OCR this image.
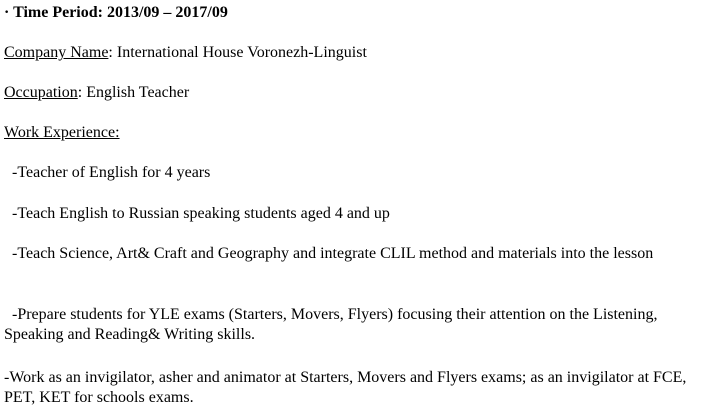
· Time Period: 2013/09 – 2017/09
Company Name: International House Voronezh-Linguist
Occupation: English Teacher
Work Experience:
-Teacher of English for 4 years
-Teach English to Russian speaking students aged 4 and up
-Teach Science, Art& Craft and Geography and integrate CLIL method and materials into the lesson
-Prepare students for YLE exams (Starters, Movers, Flyers) focusing their attention on the Listening, Speaking and Reading& Writing skills.
-Work as an invigilator, asher and animator at Starters, Movers and Flyers exams; as an invigilator at FCE, PET, KET for schools exams.
